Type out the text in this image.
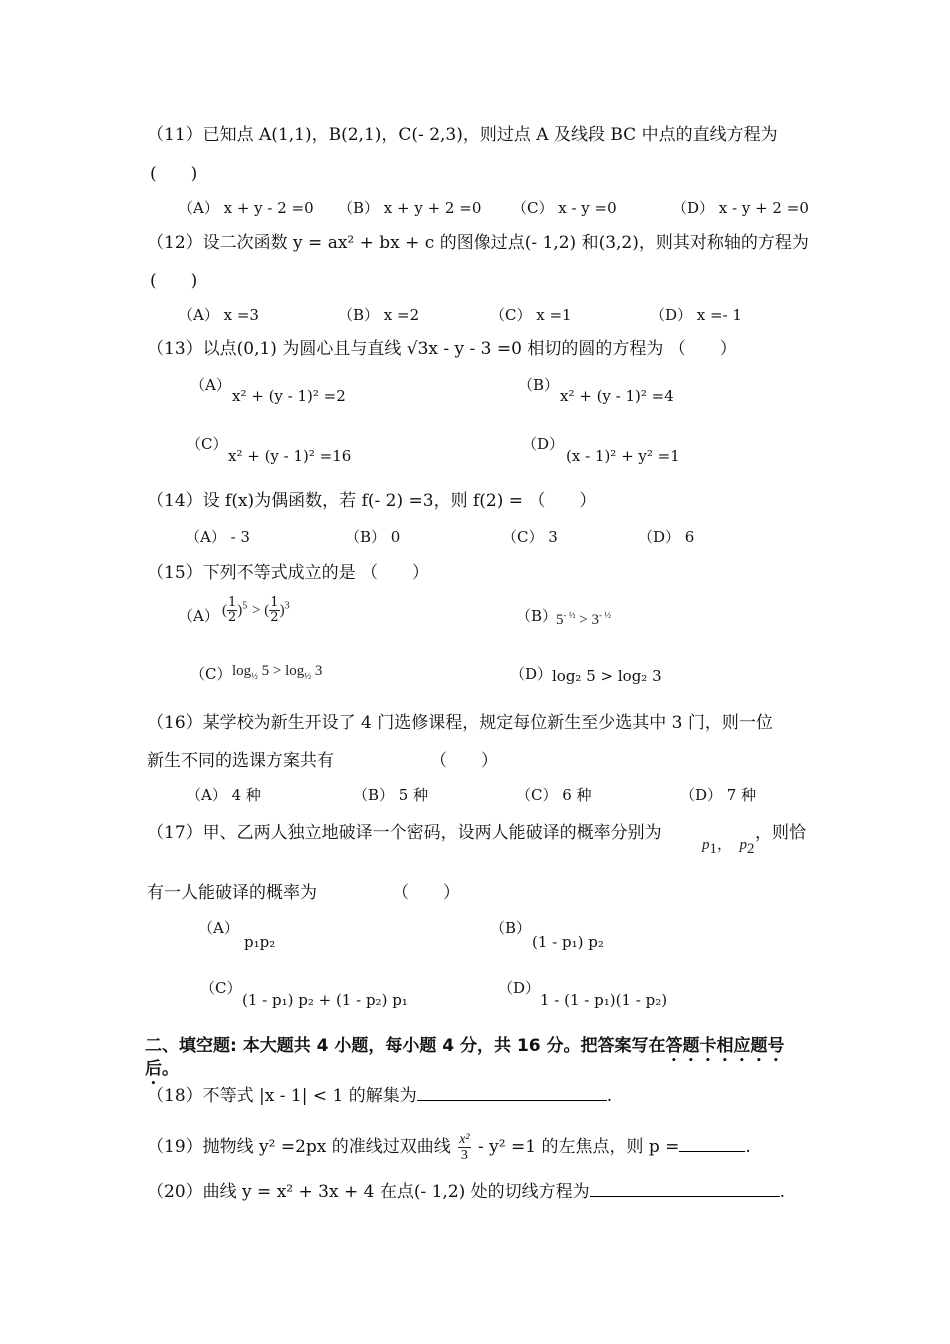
（11）已知点 A(1,1)，B(2,1)，C(- 2,3)，则过点 A 及线段 BC 中点的直线方程为
(　　)
（A） x + y - 2 =0 （B） x + y + 2 =0 （C） x - y =0	（D） x - y + 2 =0
（12）设二次函数 y = ax² + bx + c 的图像过点(- 1,2) 和(3,2)，则其对称轴的方程为
(　　)
（A） x =3	（B） x =2	（C） x =1	（D） x =- 1
（13）以点(0,1) 为圆心且与直线 √3x - y - 3 =0 相切的圆的方程为 （　　）
（A）
x² + (y - 1)² =2
（B）
x² + (y - 1)² =4
（C）
x² + (y - 1)² =16
（D）
(x - 1)² + y² =1
（14）设 f(x)为偶函数，若 f(- 2) =3，则 f(2) = （　　）
（A） - 3	（B） 0	（C） 3	（D） 6
（15）下列不等式成立的是 （　　）
（A） ( $\frac{1}{2} )^5$ > ( $\frac{1}{2} )^3$
（B）
$5^{- \frac{1}{2}} > 3^{- \frac{1}{2}}$
（C） $\log_{\frac{1}{2}} 5 > \log_{\frac{1}{2}} 3$	（D） log₂ 5 > log₂ 3
（16）某学校为新生开设了 4 门选修课程，规定每位新生至少选其中 3 门，则一位
新生不同的选课方案共有	（　　）
（A） 4 种	（B） 5 种	（C） 6 种	（D） 7 种
（17）甲、乙两人独立地破译一个密码，设两人能破译的概率分别为
$p_1$，　$p_2$
，则恰
有一人能破译的概率为	（　　）
（A）
p₁p₂
（B）
(1 - p₁) p₂
（C）
(1 - p₁) p₂ + (1 - p₂) p₁
（D）
1 - (1 - p₁)(1 - p₂)
二、填空题: 本大题共 4 小题，每小题 4 分，共 16 分。把答案写在答题卡相应题号
后。
（18）不等式 |x - 1| < 1 的解集为	.
（19）抛物线 y² =2px 的准线过双曲线 $\frac{\text{x²}}{3} - y^2 =1$ 的左焦点，则 p =	.
（20）曲线 y = x² + 3x + 4 在点(- 1,2) 处的切线方程为	.
